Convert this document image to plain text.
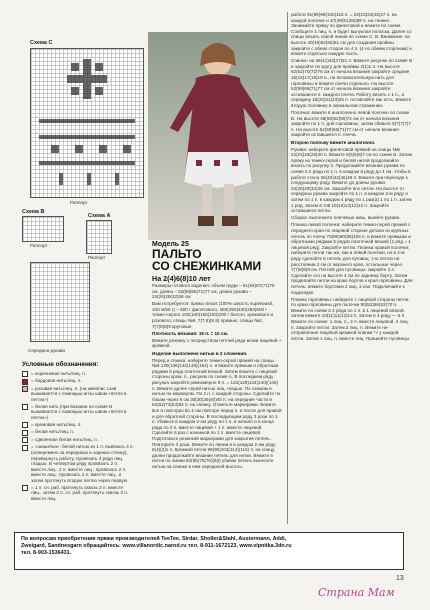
Схема С
Раппорт
Схема В
Схема А
Раппорт
Раппорт
Середина рукава
Условные обозначения:
= коричневая нить/лиц. п.
= бордовая нить/лиц. п.
= розовая нить/лиц. п. (на живопис сзав вышивается с помощью иглы швом «петля в петлю»)
= белая нить (при вязании по схеме В вышивается с помощью иглы швом «петля в петлю»)
= кремовая нить/лиц. п.
= белая нить/лиц. п.
= сдвоенная белая нить/лиц. п.
= «шишечка»: белой нитью из 1 п. вывязать 4 п. (поперемено за переднюю и заднюю стенку), перевернуть работу, провязать 3 ряда лиц. гладью. В четвертом ряду провязать 2 п. вместе лиц., 2 п. вместе лиц.; провязать 2 п. вместе лиц., провязать 2 п. вместе лиц., и затем протянуть вторую петлю через первую
= 1 п. сн. раб. протянуть сквозь 2 п. вместе лиц., затем 2 п. сп. раб. протянуть сквозь 2 п. вместе лиц.
Модель 25
ПАЛЬТО
СО СНЕЖИНКАМИ
На 2(4)6(8)10 лет

Размеры готового изделия: объем груди – 61(64)67(71)76 см, длина – 52(59)66(71)77 см, длина рукава – 24(26)29(32)36 см.

Вам потребуется: пряжа Smart (100% шерсть superwash, 100 м/50 г) – 500 г филетового, 350(350)400(450)500 г темно-серого 100(100)150(150)200 г белого, кремового и розового; спицы №6, 7(7,8)(8,9) прямые; спицы №4, 7(7)8(8)9 круговые.

Плотность вязания: 15 п. = 10 см.

Вяжите резинку с посредством петлей ряда вязки лицевой + кромкой.

Изделие выполнено нитью в 2 сложения.

Перед и спинка: наберите темно-серой пряжей на спицы №6 130(136)142(148)(154) п. и вяжите прямым и обратным рядами 5 ряда платочной вязкой. Затем вяжите с лицевой стороны кром. п., рисунок по схеме А. В последнем ряду рисунка закройте равномерно 8 п. = 122(128)134(140)(146) п. Вяжите далее серой нитью лиц. гладью. По схемам и нитью по маркером. По 2 п. с каждой стороны. Сделайте по бокам через 6 см 30(30)35(40)40 п. на передние части и 62(62)73(84)84 п. на спинку. Отметьте маркерами. Вяжите все в повторах во 1-ом повторе перед п. и после для правой и для обратной стороны. В последующем ряду 3 раза по 1 п. Убавьте в каждом 2-ом ряду по 1 п. в начале и в конце ряда по 2 п. вместе лицевой + 1 п. вместе лицевой. Сделайте 6 раз с изнанкой по 1 п. вместе лицевой. Подготовьте резинкой маркерами для закрытия петель. Повторите 3 раза. Вяжите по линии и в каждом 2-ом ряду 8(4)(2)1 п. Кромкой петли 99(90)103(114)(116) п. на спицу, далее продолжайте вязание петель для нитки. Вяжите в петли по линии 60(65)70(75)(83) убавок петель вынесите нитью на спинке в нем серединой высоты.

работе 91(95)99(105)115 п. = 22(23)24(25)27 п. на каждой полочке и 47(49)51(55)59 п. на спинке. Занимайте пряжу по филетовой и вяжите по схеме. Сообщите 1 лиц. п. и будет выпуклая полоска. Далее со спицы вязать серой линии по схеме С. В. Внимание: на высоте 40(46)52(56)61 см для создания проймы закройте с обеих сторон по 4 п. (4 по обеим сторонам) и вяжите отдельно каждую часть.

Спинка: на 39(41)43(47)51 п. Вяжите рисунок по схеме В и закройте по кругу для проймы 2(1)1 п. На высоте 62(62)70(72)76 см от начала вязания закройте средние 15(16)17(19)19 п., на вспомогательную нить для горловины и вяжите плечи отдельно. На высоте 52(59)66(71)77 см от начала вязания закройте оставшиеся п. каждого плеча. Работу вязать с 1 п., а середину 18(20)21(23)25 п. оставляйте как есть. Вяжите вторую половину в зеркальном отражении.

Полочка: вяжите в аналогично левой полочке по схеме В. На высоте 48(55)62(66)72 см от начала вязания закройте по 1 п. для горловины, затем сбавьте 6(7)7(7)7 п. На высоте 52(59)66(71)77 см от начала вязания закройте оставшиеся п. плеча.

Второю полочку вяжите аналогично.

Рукава: наберите филетовой пряжей на спицы №6 22(24)26(28)30 п. Вяжите 5(5)6(6)7 см по схеме В. Затем пряжу из темно-серой и белой нитей продолжайте вязать по рисунку 2. Продолжайте вязание рукава по схеме в 2 ряда по 1 п. в каждом 6 ряду до 4 см, чтобы в работе стало 36(40)42(46)48 п. Вяжите при переходе к следующему ряду. Вяжите до длины рукава 24(26)29(32)36 см. Закройте все петли. На высоте от середины рукава закройте по 1 п. в каждом 2-м ряду и затем по 1 п. в каждом 4 ряду по 1 раз(а) 1 по 1 п. затем 1 ряд. Затем в той 10(10)12(12)12 п. Закройте оставшиеся петли.

Сборка: выполните плечевые швы, вшейте рукава.

Планка левой полочки: наберите темно-серой пряжей с переднего края по лицевой стороне детали из крупных петель по плечу 70(80)90(96)106 п. и вяжите прямыми и обратными рядами 5 рядов платочной вязкой (1 ряд = 1 лицевой ряд). Закройте петли. Планка правой полочки: наберите петли так же, как и левой полочки, но в 2-м ряду сделайте 5 петель для пуговиц: 1-ю петлю на расстоянии 2 см от верхнего края, остальные через 7(7)8(8)9 см. Петлей для пуговицы: закройте 2 п. Сделайте это на высоте 4 см по заднему борту. Затем проделайте петли на краю бортов к края горловины. Для петель: вяжите бортовки 2 лиц. 2 изн. Подключайте к подкладке.

Планка горловины: наберите с лицевой стороны петли по краю горловины для полочки 50(52)56(62)70 п. Вяжите по схеме в 2 ряда по 1 п. в 1 лицевой вязкой. Затем вяжите 10(11)11(12)12 п. Затем в 4 ряду — 5 п. Вяжите по схеме: 1 лиц. п., 2 п. вместе лицевой, 2 лиц. п. Закройте петли. Затем 2 лиц. п. Вяжите не-отправление лицевой кромкой планки *» у каждой петли. Затем 1 лиц. п. вместе лиц. Пришейте пуговицы.

По вопросам приобретения пряжи производителей TeeTee, Sirdar, Sholler&Stahl, Austermann, Addi,
Zweigard, Sandnesgarn обращайтесь: www.villanordic.narod.ru тел. 8-911-1672123, www.vipnitka.3dn.ru
тел. 8-903-1536431.
13
Страна Мам
